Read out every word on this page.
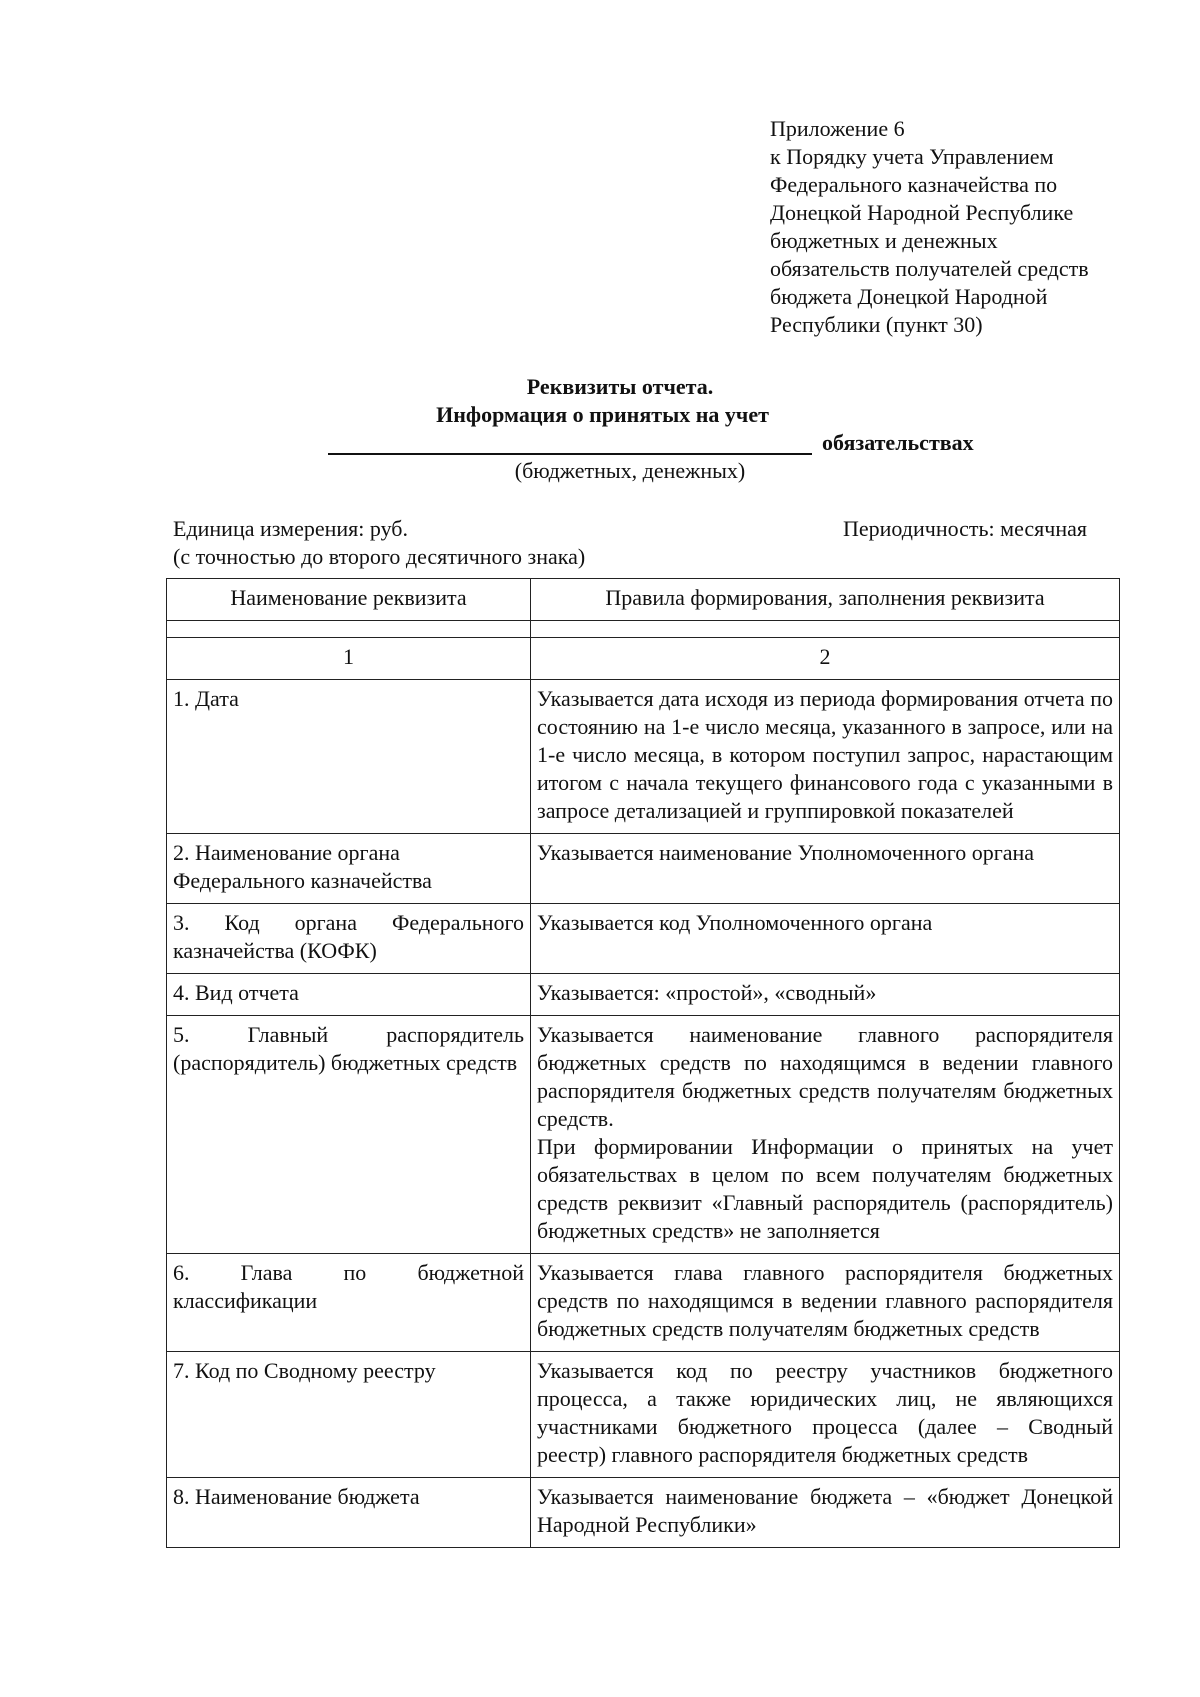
Приложение 6
к Порядку учета Управлением
Федерального казначейства по
Донецкой Народной Республике
бюджетных и денежных
обязательств получателей средств
бюджета Донецкой Народной
Республики (пункт 30)
Реквизиты отчета.
Информация о принятых на учет
обязательствах
(бюджетных, денежных)
Единица измерения: руб.
(с точностью до второго десятичного знака)
Периодичность: месячная
Наименование реквизита	Правила формирования, заполнения реквизита

1	2
1. Дата	Указывается дата исходя из периода формирования отчета по состоянию на 1-е число месяца, указанного в запросе, или на 1-е число месяца, в котором поступил запрос, нарастающим итогом с начала текущего финансового года с указанными в запросе детализацией и группировкой показателей

2. Наименование органа Федерального казначейства	Указывается наименование Уполномоченного органа

3. Код органа Федерального казначейства (КОФК)	Указывается код Уполномоченного органа

4. Вид отчета	Указывается: «простой», «сводный»

5. Главный распорядитель (распорядитель) бюджетных средств	Указывается наименование главного распорядителя бюджетных средств по находящимся в ведении главного распорядителя бюджетных средств получателям бюджетных средств.

При формировании Информации о принятых на учет обязательствах в целом по всем получателям бюджетных средств реквизит «Главный распорядитель (распорядитель) бюджетных средств» не заполняется

6. Глава по бюджетной классификации	Указывается глава главного распорядителя бюджетных средств по находящимся в ведении главного распорядителя бюджетных средств получателям бюджетных средств

7. Код по Сводному реестру	Указывается код по реестру участников бюджетного процесса, а также юридических лиц, не являющихся участниками бюджетного процесса (далее – Сводный реестр) главного распорядителя бюджетных средств

8. Наименование бюджета	Указывается наименование бюджета – «бюджет Донецкой Народной Республики»
